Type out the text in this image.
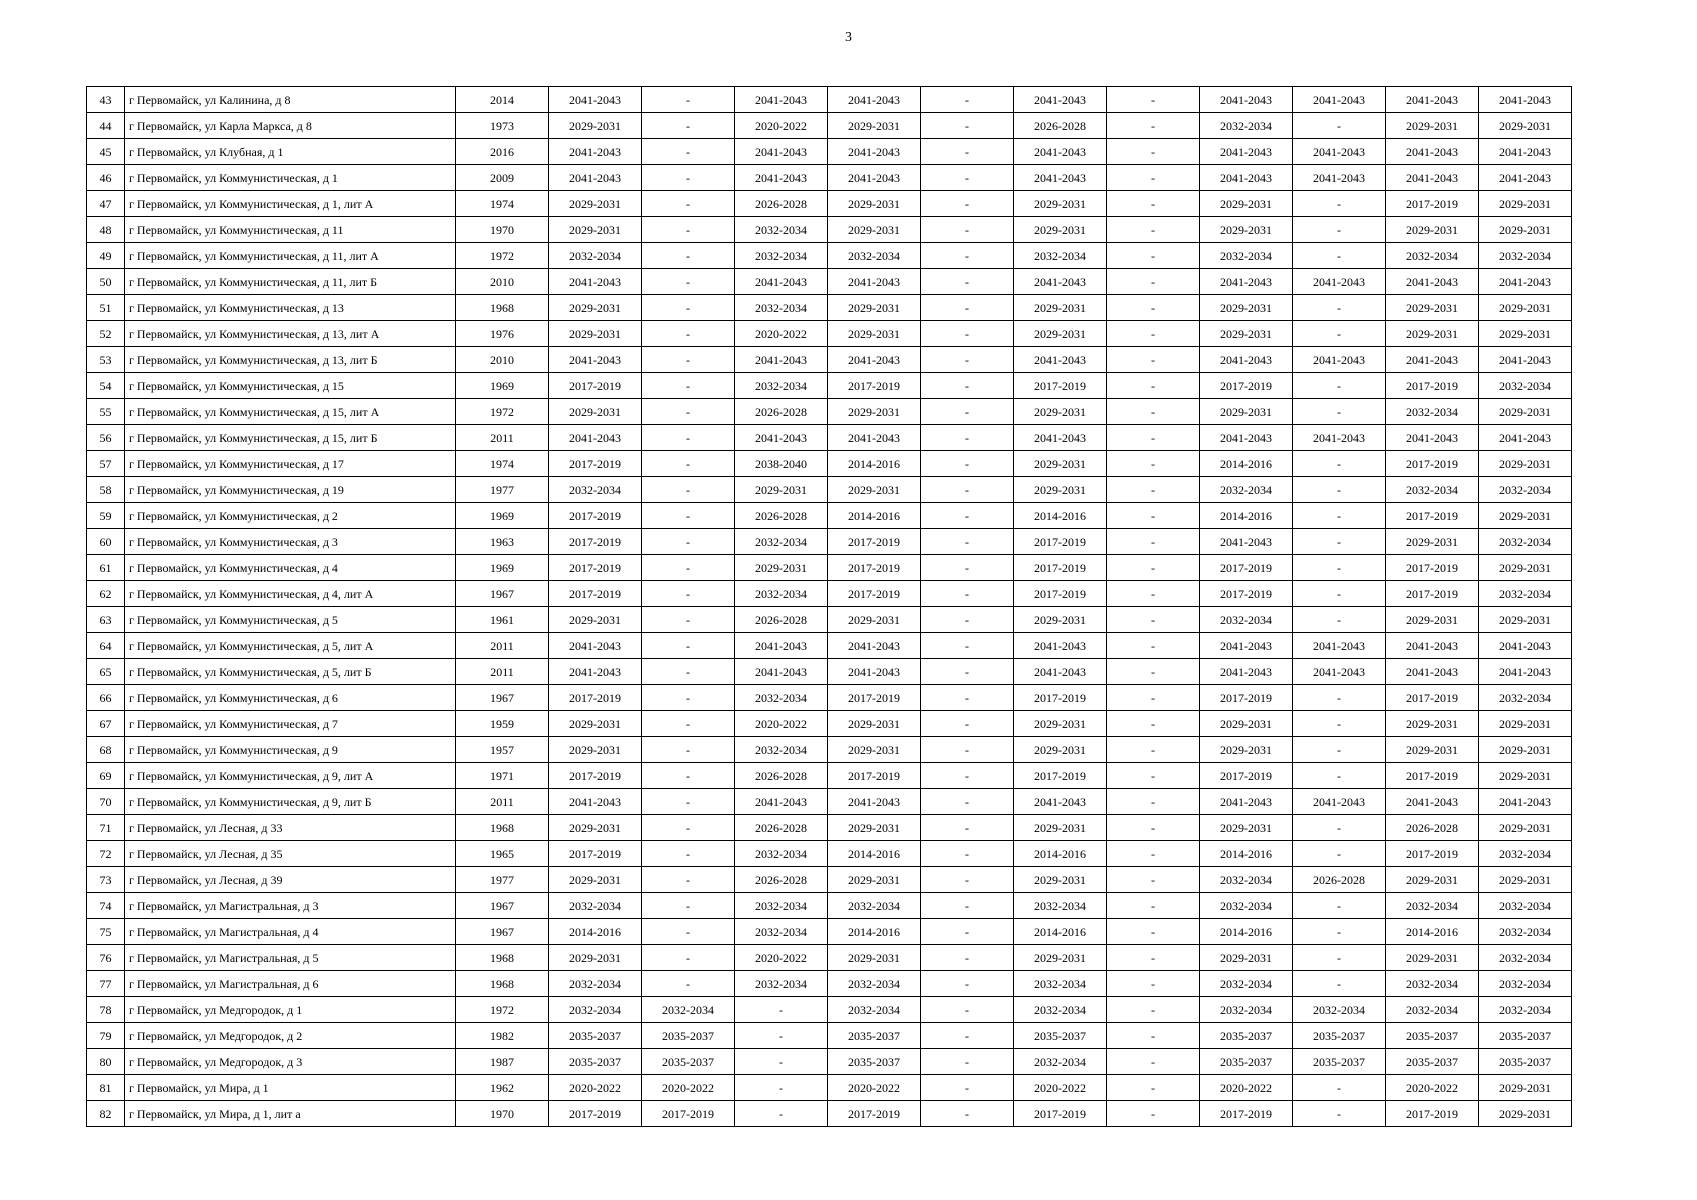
3
43	г Первомайск, ул Калинина, д 8	2014	2041-2043	-	2041-2043	2041-2043	-	2041-2043	-	2041-2043	2041-2043	2041-2043	2041-2043
44	г Первомайск, ул Карла Маркса, д 8	1973	2029-2031	-	2020-2022	2029-2031	-	2026-2028	-	2032-2034	-	2029-2031	2029-2031
45	г Первомайск, ул Клубная, д 1	2016	2041-2043	-	2041-2043	2041-2043	-	2041-2043	-	2041-2043	2041-2043	2041-2043	2041-2043
46	г Первомайск, ул Коммунистическая, д 1	2009	2041-2043	-	2041-2043	2041-2043	-	2041-2043	-	2041-2043	2041-2043	2041-2043	2041-2043
47	г Первомайск, ул Коммунистическая, д 1, лит А	1974	2029-2031	-	2026-2028	2029-2031	-	2029-2031	-	2029-2031	-	2017-2019	2029-2031
48	г Первомайск, ул Коммунистическая, д 11	1970	2029-2031	-	2032-2034	2029-2031	-	2029-2031	-	2029-2031	-	2029-2031	2029-2031
49	г Первомайск, ул Коммунистическая, д 11, лит А	1972	2032-2034	-	2032-2034	2032-2034	-	2032-2034	-	2032-2034	-	2032-2034	2032-2034
50	г Первомайск, ул Коммунистическая, д 11, лит Б	2010	2041-2043	-	2041-2043	2041-2043	-	2041-2043	-	2041-2043	2041-2043	2041-2043	2041-2043
51	г Первомайск, ул Коммунистическая, д 13	1968	2029-2031	-	2032-2034	2029-2031	-	2029-2031	-	2029-2031	-	2029-2031	2029-2031
52	г Первомайск, ул Коммунистическая, д 13, лит А	1976	2029-2031	-	2020-2022	2029-2031	-	2029-2031	-	2029-2031	-	2029-2031	2029-2031
53	г Первомайск, ул Коммунистическая, д 13, лит Б	2010	2041-2043	-	2041-2043	2041-2043	-	2041-2043	-	2041-2043	2041-2043	2041-2043	2041-2043
54	г Первомайск, ул Коммунистическая, д 15	1969	2017-2019	-	2032-2034	2017-2019	-	2017-2019	-	2017-2019	-	2017-2019	2032-2034
55	г Первомайск, ул Коммунистическая, д 15, лит А	1972	2029-2031	-	2026-2028	2029-2031	-	2029-2031	-	2029-2031	-	2032-2034	2029-2031
56	г Первомайск, ул Коммунистическая, д 15, лит Б	2011	2041-2043	-	2041-2043	2041-2043	-	2041-2043	-	2041-2043	2041-2043	2041-2043	2041-2043
57	г Первомайск, ул Коммунистическая, д 17	1974	2017-2019	-	2038-2040	2014-2016	-	2029-2031	-	2014-2016	-	2017-2019	2029-2031
58	г Первомайск, ул Коммунистическая, д 19	1977	2032-2034	-	2029-2031	2029-2031	-	2029-2031	-	2032-2034	-	2032-2034	2032-2034
59	г Первомайск, ул Коммунистическая, д 2	1969	2017-2019	-	2026-2028	2014-2016	-	2014-2016	-	2014-2016	-	2017-2019	2029-2031
60	г Первомайск, ул Коммунистическая, д 3	1963	2017-2019	-	2032-2034	2017-2019	-	2017-2019	-	2041-2043	-	2029-2031	2032-2034
61	г Первомайск, ул Коммунистическая, д 4	1969	2017-2019	-	2029-2031	2017-2019	-	2017-2019	-	2017-2019	-	2017-2019	2029-2031
62	г Первомайск, ул Коммунистическая, д 4, лит А	1967	2017-2019	-	2032-2034	2017-2019	-	2017-2019	-	2017-2019	-	2017-2019	2032-2034
63	г Первомайск, ул Коммунистическая, д 5	1961	2029-2031	-	2026-2028	2029-2031	-	2029-2031	-	2032-2034	-	2029-2031	2029-2031
64	г Первомайск, ул Коммунистическая, д 5, лит А	2011	2041-2043	-	2041-2043	2041-2043	-	2041-2043	-	2041-2043	2041-2043	2041-2043	2041-2043
65	г Первомайск, ул Коммунистическая, д 5, лит Б	2011	2041-2043	-	2041-2043	2041-2043	-	2041-2043	-	2041-2043	2041-2043	2041-2043	2041-2043
66	г Первомайск, ул Коммунистическая, д 6	1967	2017-2019	-	2032-2034	2017-2019	-	2017-2019	-	2017-2019	-	2017-2019	2032-2034
67	г Первомайск, ул Коммунистическая, д 7	1959	2029-2031	-	2020-2022	2029-2031	-	2029-2031	-	2029-2031	-	2029-2031	2029-2031
68	г Первомайск, ул Коммунистическая, д 9	1957	2029-2031	-	2032-2034	2029-2031	-	2029-2031	-	2029-2031	-	2029-2031	2029-2031
69	г Первомайск, ул Коммунистическая, д 9, лит А	1971	2017-2019	-	2026-2028	2017-2019	-	2017-2019	-	2017-2019	-	2017-2019	2029-2031
70	г Первомайск, ул Коммунистическая, д 9, лит Б	2011	2041-2043	-	2041-2043	2041-2043	-	2041-2043	-	2041-2043	2041-2043	2041-2043	2041-2043
71	г Первомайск, ул Лесная, д 33	1968	2029-2031	-	2026-2028	2029-2031	-	2029-2031	-	2029-2031	-	2026-2028	2029-2031
72	г Первомайск, ул Лесная, д 35	1965	2017-2019	-	2032-2034	2014-2016	-	2014-2016	-	2014-2016	-	2017-2019	2032-2034
73	г Первомайск, ул Лесная, д 39	1977	2029-2031	-	2026-2028	2029-2031	-	2029-2031	-	2032-2034	2026-2028	2029-2031	2029-2031
74	г Первомайск, ул Магистральная, д 3	1967	2032-2034	-	2032-2034	2032-2034	-	2032-2034	-	2032-2034	-	2032-2034	2032-2034
75	г Первомайск, ул Магистральная, д 4	1967	2014-2016	-	2032-2034	2014-2016	-	2014-2016	-	2014-2016	-	2014-2016	2032-2034
76	г Первомайск, ул Магистральная, д 5	1968	2029-2031	-	2020-2022	2029-2031	-	2029-2031	-	2029-2031	-	2029-2031	2032-2034
77	г Первомайск, ул Магистральная, д 6	1968	2032-2034	-	2032-2034	2032-2034	-	2032-2034	-	2032-2034	-	2032-2034	2032-2034
78	г Первомайск, ул Медгородок, д 1	1972	2032-2034	2032-2034	-	2032-2034	-	2032-2034	-	2032-2034	2032-2034	2032-2034	2032-2034
79	г Первомайск, ул Медгородок, д 2	1982	2035-2037	2035-2037	-	2035-2037	-	2035-2037	-	2035-2037	2035-2037	2035-2037	2035-2037
80	г Первомайск, ул Медгородок, д 3	1987	2035-2037	2035-2037	-	2035-2037	-	2032-2034	-	2035-2037	2035-2037	2035-2037	2035-2037
81	г Первомайск, ул Мира, д 1	1962	2020-2022	2020-2022	-	2020-2022	-	2020-2022	-	2020-2022	-	2020-2022	2029-2031
82	г Первомайск, ул Мира, д 1, лит а	1970	2017-2019	2017-2019	-	2017-2019	-	2017-2019	-	2017-2019	-	2017-2019	2029-2031
